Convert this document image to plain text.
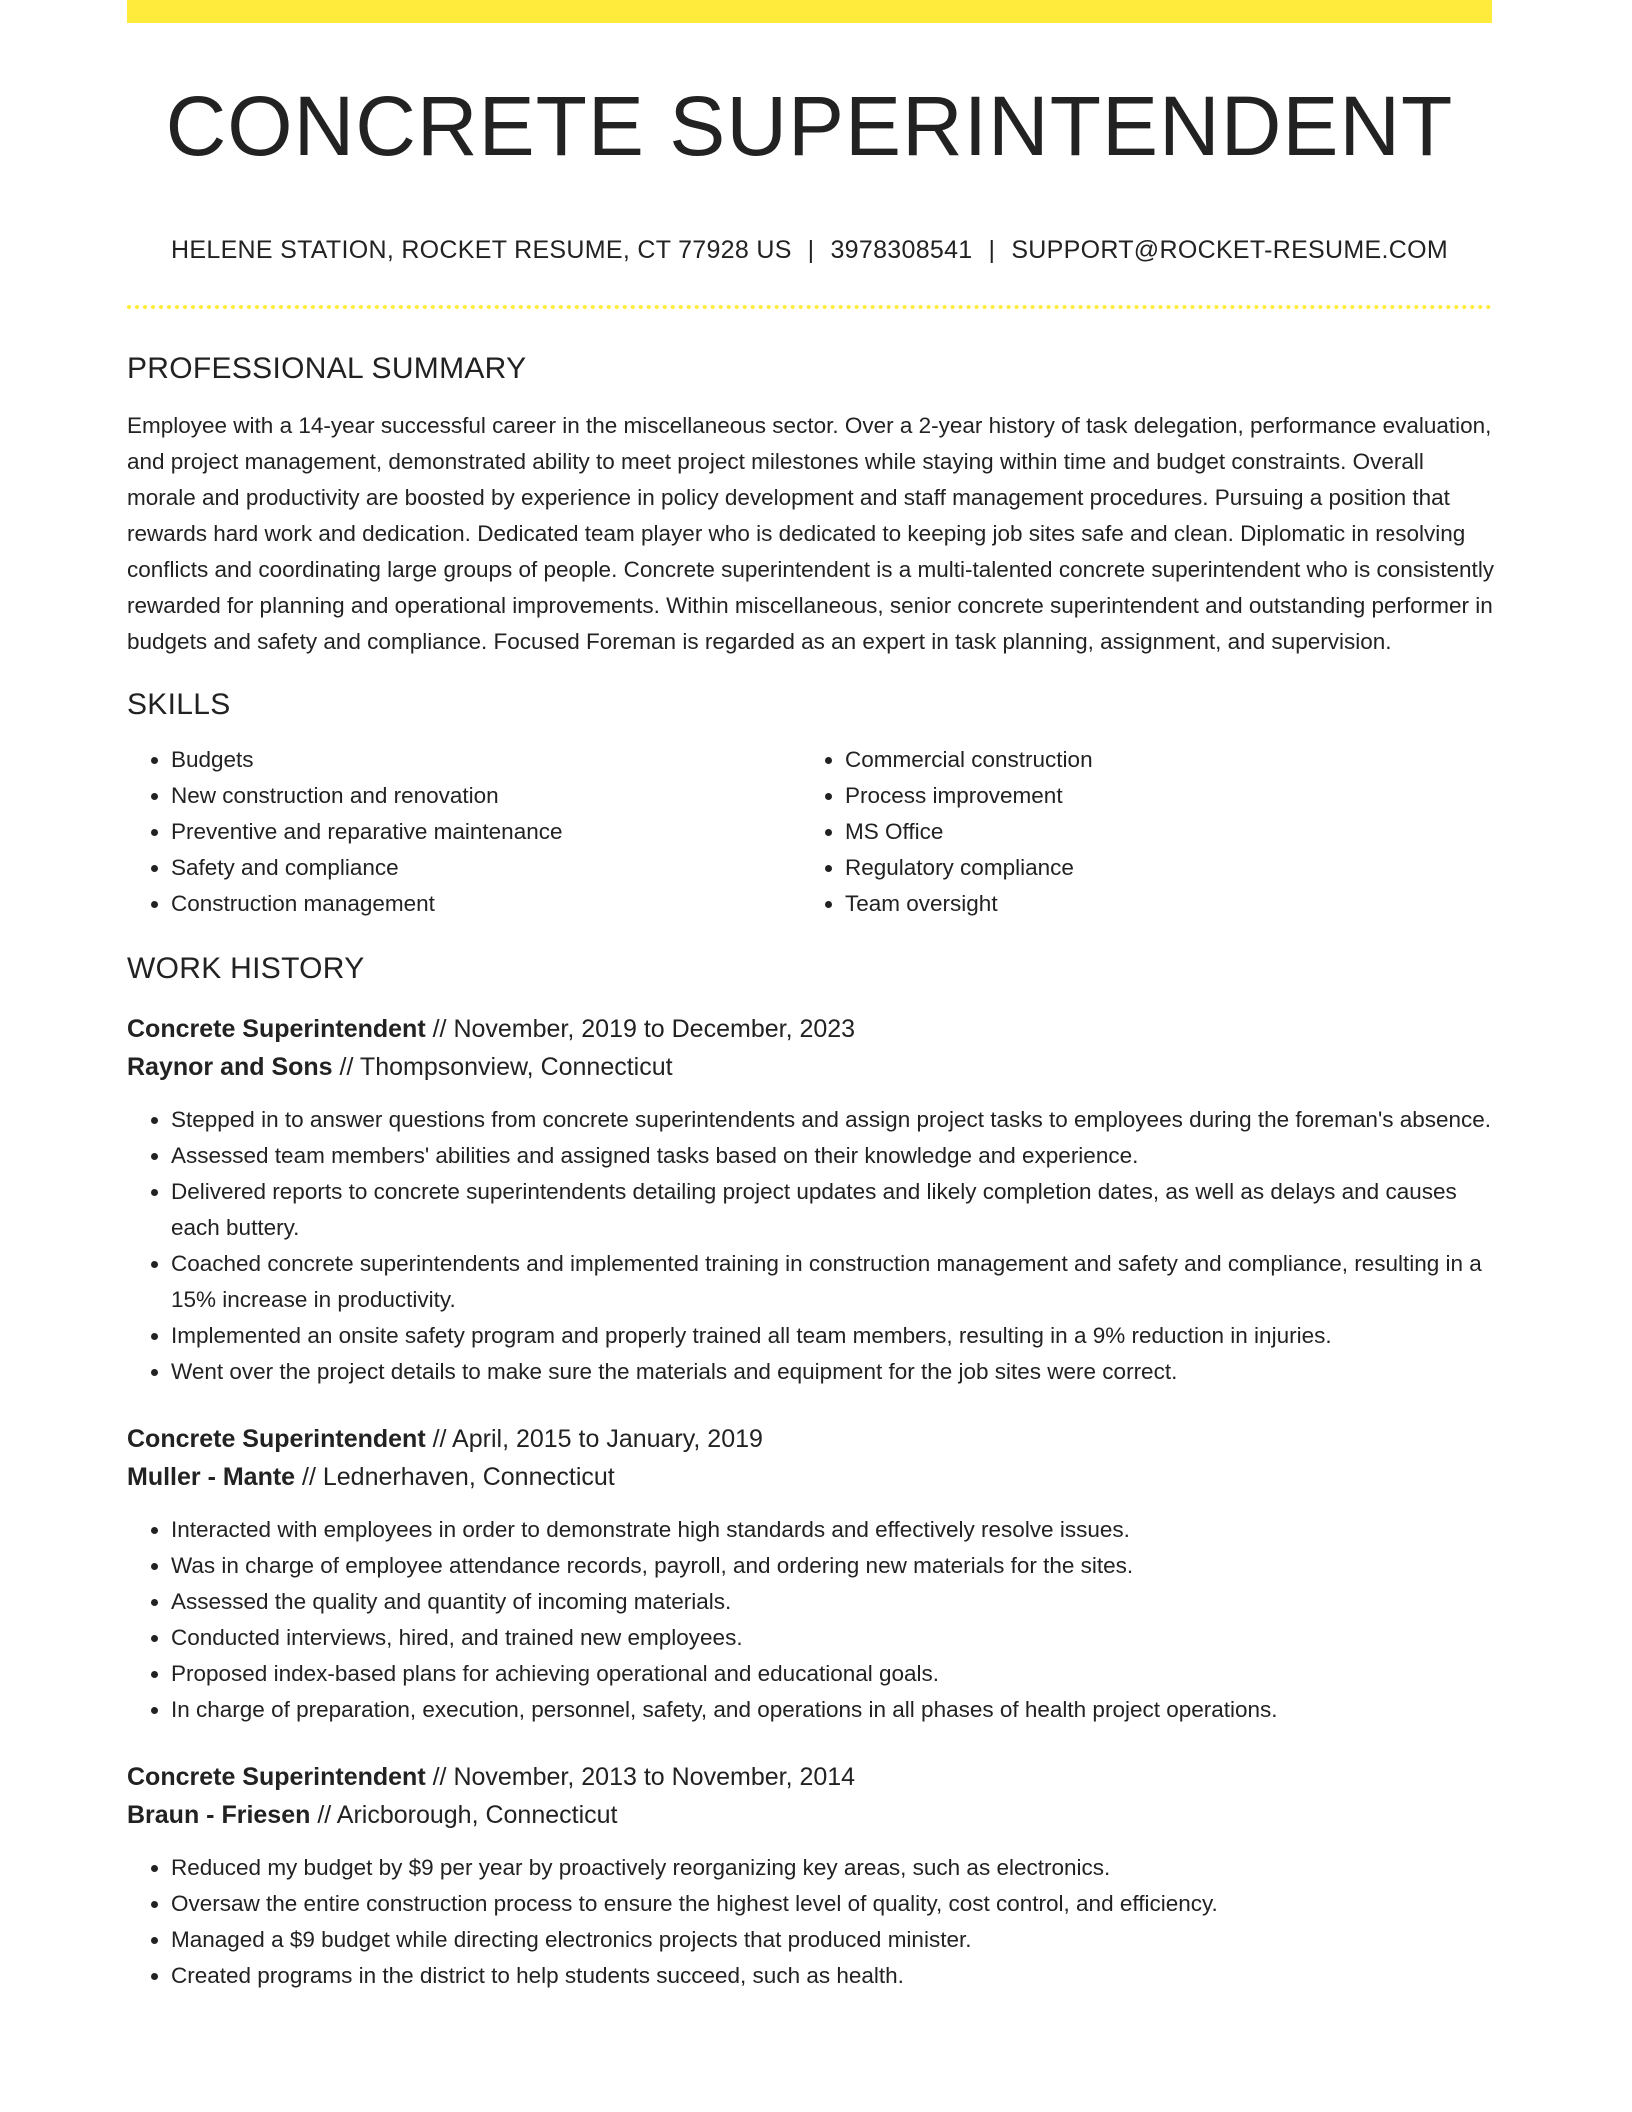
CONCRETE SUPERINTENDENT
HELENE STATION, ROCKET RESUME, CT 77928 US | 3978308541 | SUPPORT@ROCKET-RESUME.COM
PROFESSIONAL SUMMARY

Employee with a 14-year successful career in the miscellaneous sector. Over a 2-year history of task delegation, performance evaluation, and project management, demonstrated ability to meet project milestones while staying within time and budget constraints. Overall morale and productivity are boosted by experience in policy development and staff management procedures. Pursuing a position that rewards hard work and dedication. Dedicated team player who is dedicated to keeping job sites safe and clean. Diplomatic in resolving conflicts and coordinating large groups of people. Concrete superintendent is a multi-talented concrete superintendent who is consistently rewarded for planning and operational improvements. Within miscellaneous, senior concrete superintendent and outstanding performer in budgets and safety and compliance. Focused Foreman is regarded as an expert in task planning, assignment, and supervision.

SKILLS
• Budgets
• New construction and renovation
• Preventive and reparative maintenance
• Safety and compliance
• Construction management
• Commercial construction
• Process improvement
• MS Office
• Regulatory compliance
• Team oversight
WORK HISTORY
Concrete Superintendent // November, 2019 to December, 2023
Raynor and Sons // Thompsonview, Connecticut
• Stepped in to answer questions from concrete superintendents and assign project tasks to employees during the foreman's absence.
• Assessed team members' abilities and assigned tasks based on their knowledge and experience.
• Delivered reports to concrete superintendents detailing project updates and likely completion dates, as well as delays and causes each buttery.
• Coached concrete superintendents and implemented training in construction management and safety and compliance, resulting in a 15% increase in productivity.
• Implemented an onsite safety program and properly trained all team members, resulting in a 9% reduction in injuries.
• Went over the project details to make sure the materials and equipment for the job sites were correct.
Concrete Superintendent // April, 2015 to January, 2019
Muller - Mante // Lednerhaven, Connecticut
• Interacted with employees in order to demonstrate high standards and effectively resolve issues.
• Was in charge of employee attendance records, payroll, and ordering new materials for the sites.
• Assessed the quality and quantity of incoming materials.
• Conducted interviews, hired, and trained new employees.
• Proposed index-based plans for achieving operational and educational goals.
• In charge of preparation, execution, personnel, safety, and operations in all phases of health project operations.
Concrete Superintendent // November, 2013 to November, 2014
Braun - Friesen // Aricborough, Connecticut
• Reduced my budget by $9 per year by proactively reorganizing key areas, such as electronics.
• Oversaw the entire construction process to ensure the highest level of quality, cost control, and efficiency.
• Managed a $9 budget while directing electronics projects that produced minister.
• Created programs in the district to help students succeed, such as health.
